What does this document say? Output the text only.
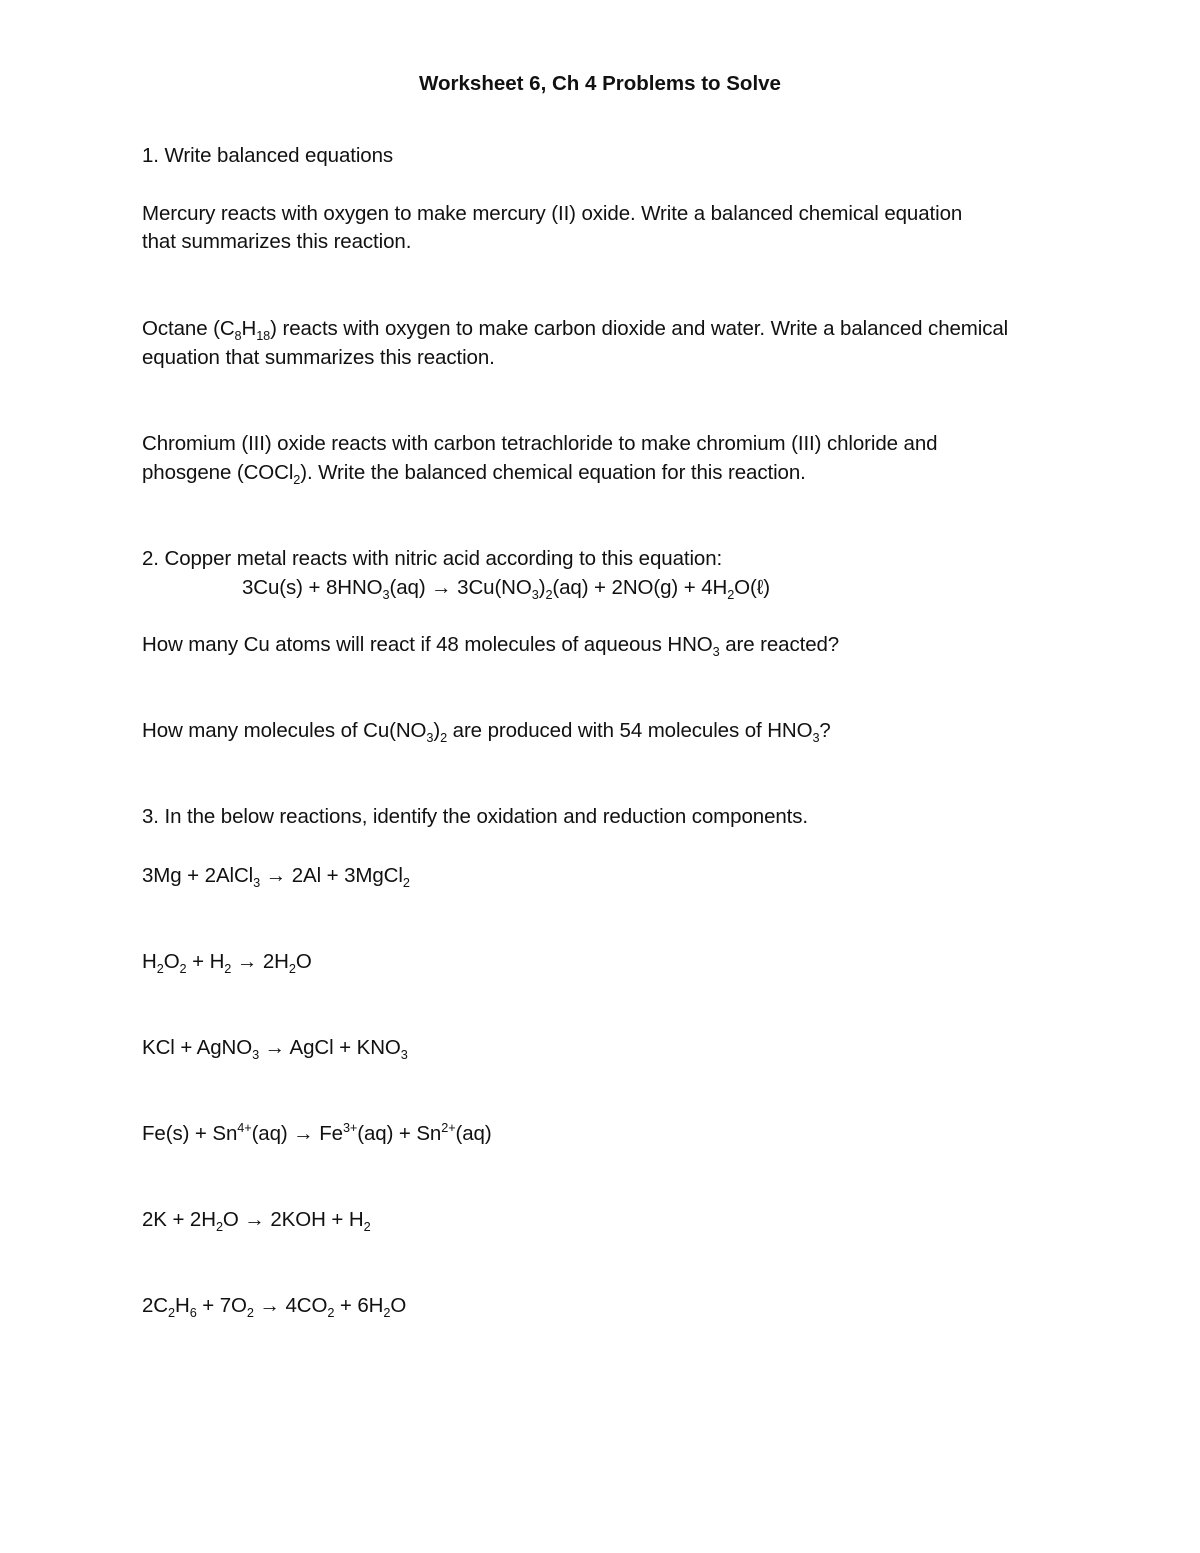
Worksheet 6, Ch 4 Problems to Solve
1. Write balanced equations
Mercury reacts with oxygen to make mercury (II) oxide. Write a balanced chemical equation
that summarizes this reaction.
Octane $(C_8H_{18})$ reacts with oxygen to make carbon dioxide and water. Write a balanced chemical
equation that summarizes this reaction.
Chromium (III) oxide reacts with carbon tetrachloride to make chromium (III) chloride and
phosgene (COCl$_2$). Write the balanced chemical equation for this reaction.
2. Copper metal reacts with nitric acid according to this equation:
$3Cu(s) + 8HNO_3(aq) \to 3Cu(NO_3)_2(aq) + 2NO(g)$ + $4H_2O(\ell)$
How many Cu atoms will react if 48 molecules of aqueous $HNO_3$ are reacted?
How many molecules of $Cu(NO_3)_2$ are produced with 54 molecules of $HNO_3$?
3. In the below reactions, identify the oxidation and reduction components.
3Mg + 2AlCl$_3$ → 2Al + 3MgCl$_2$
$H_2O_2 + H_2 \to 2H_2O$
KCl + AgNO$_3$ → AgCl + $KNO_3$
$Fe(s) + Sn^{4+}(aq) \to Fe^{3+}(aq) + Sn^{2+}(aq)$
$2K + 2H_2O \to 2KOH + H_2$
$2C_2H_6 + 7O_2 \to 4CO_2 + 6H_2O$
